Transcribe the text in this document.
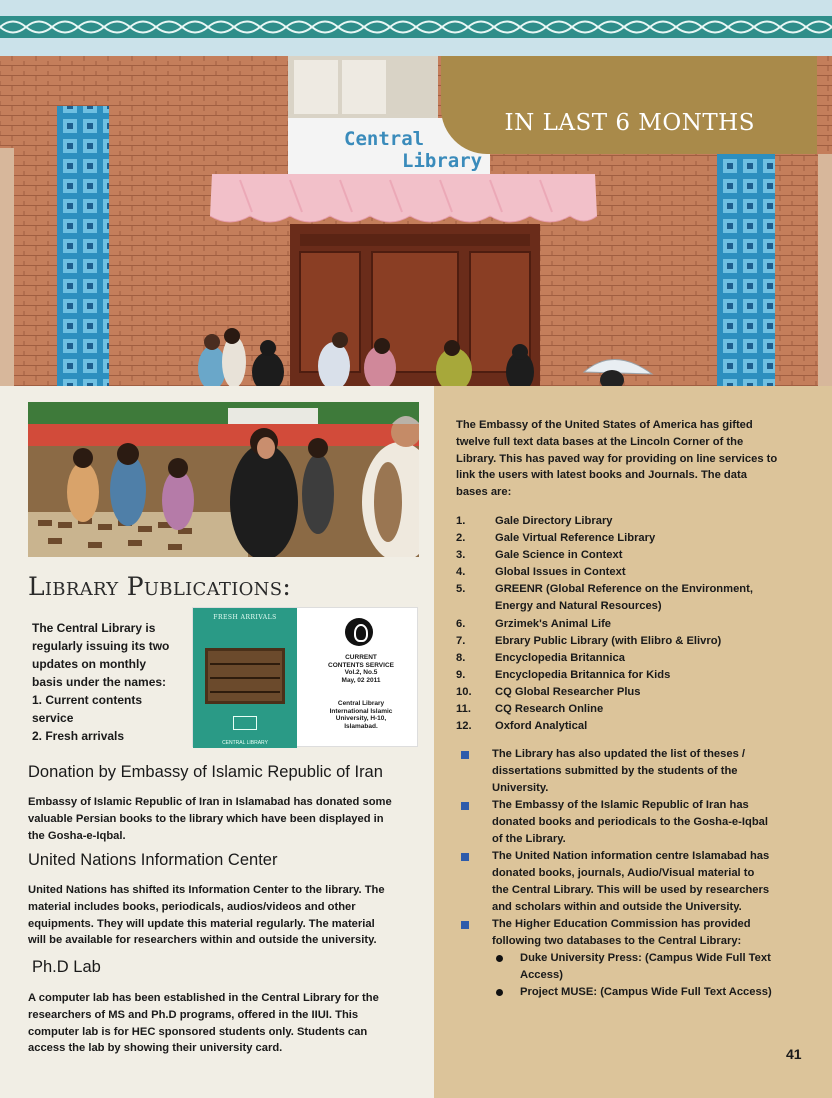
Central
Library
IN LAST 6 MONTHS
Library Publications:
The Central Library is
regularly issuing its two
updates on monthly
basis under the names:
1. Current contents
service
2. Fresh arrivals
FRESH ARRIVALS
CENTRAL LIBRARY
CURRENT
CONTENTS SERVICE
Vol.2, No.5
May, 02 2011
Central Library
International Islamic
University, H-10,
Islamabad.
Donation by Embassy of Islamic Republic of Iran
Embassy of Islamic Republic of Iran in Islamabad has donated some
valuable Persian books to the library which have been displayed in
the Gosha-e-Iqbal.
United Nations Information Center
United Nations has shifted its Information Center to the library. The
material includes books, periodicals, audios/videos and other
equipments. They will update this material regularly. The material
will be available for researchers within and outside the university.
Ph.D Lab
A computer lab has been established in the Central Library for the
researchers of MS and Ph.D programs, offered in the IIUI. This
computer lab is for HEC sponsored students only. Students can
access the lab by showing their university card.
The Embassy of the United States of America has gifted
twelve full text data bases at the Lincoln Corner of the
Library. This has paved way for providing on line services to
link the users with latest books and Journals. The data
bases are:
1.	Gale Directory Library
2.	Gale Virtual Reference Library
3.	Gale Science in Context
4.	Global Issues in Context
5.	GREENR (Global Reference on the Environment,
Energy and Natural Resources)
6.	Grzimek's Animal Life
7.	Ebrary Public Library (with Elibro & Elivro)
8.	Encyclopedia Britannica
9.	Encyclopedia Britannica for Kids
10.	CQ Global Researcher Plus
11.	CQ Research Online
12.	Oxford Analytical
The Library has also updated the list of theses /
dissertations submitted by the students of the
University.
The Embassy of the Islamic Republic of Iran has
donated books and periodicals to the Gosha-e-Iqbal
of the Library.
The United Nation information centre Islamabad has
donated books, journals, Audio/Visual material to
the Central Library. This will be used by researchers
and scholars within and outside the University.
The Higher Education Commission has provided
following two databases to the Central Library:
Duke University Press: (Campus Wide Full Text
Access)
Project MUSE: (Campus Wide Full Text Access)
41
